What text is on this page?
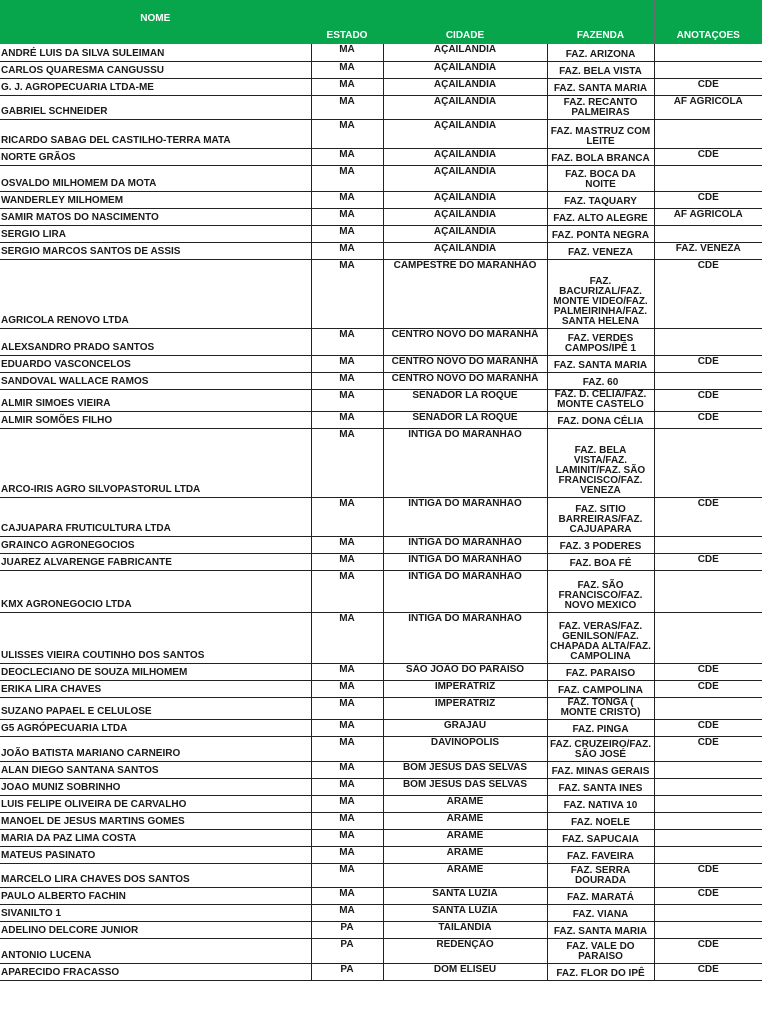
NOME	ESTADO	CIDADE	FAZENDA	ANOTAÇOES
ANDRÉ LUIS DA SILVA SULEIMAN	MA	AÇAILANDIA	FAZ. ARIZONA	
CARLOS QUARESMA CANGUSSU	MA	AÇAILANDIA	FAZ. BELA VISTA	
G. J. AGROPECUARIA LTDA-ME	MA	AÇAILANDIA	FAZ. SANTA MARIA	CDE
GABRIEL SCHNEIDER	MA	AÇAILANDIA	FAZ. RECANTO PALMEIRAS	AF AGRICOLA
RICARDO SABAG DEL CASTILHO-TERRA MATA	MA	AÇAILANDIA	FAZ. MASTRUZ COM LEITE	
NORTE GRÃOS	MA	AÇAILANDIA	FAZ. BOLA BRANCA	CDE
OSVALDO MILHOMEM DA MOTA	MA	AÇAILANDIA	FAZ. BOCA DA NOITE	
WANDERLEY MILHOMEM	MA	AÇAILANDIA	FAZ. TAQUARY	CDE
SAMIR MATOS DO NASCIMENTO	MA	AÇAILÂNDIA	FAZ. ALTO ALEGRE	AF AGRICOLA
SERGIO LIRA	MA	AÇAILÂNDIA	FAZ. PONTA NEGRA	
SERGIO MARCOS SANTOS DE ASSIS	MA	AÇAILÂNDIA	FAZ. VENEZA	FAZ. VENEZA
AGRICOLA RENOVO LTDA	MA	CAMPESTRE DO MARANHÃO	FAZ. BACURIZAL/FAZ. MONTE VIDEO/FAZ. PALMEIRINHA/FAZ. SANTA HELENA	CDE
ALEXSANDRO PRADO SANTOS	MA	CENTRO NOVO DO MARANHÃ	FAZ. VERDES CAMPOS/IPÊ 1	
EDUARDO VASCONCELOS	MA	CENTRO NOVO DO MARANHÃ	FAZ. SANTA MARIA	CDE
SANDOVAL WALLACE RAMOS	MA	CENTRO NOVO DO MARANHÃ	FAZ. 60	
ALMIR SIMOES VIEIRA	MA	SENADOR LA ROQUE	FAZ. D. CÉLIA/FAZ. MONTE CASTELO	CDE
ALMIR SOMÕES FILHO	MA	SENADOR LA ROQUE	FAZ. DONA CÉLIA	CDE
ARCO-IRIS AGRO SILVOPASTORUL LTDA	MA	INTIGA DO MARANHAO	FAZ. BELA VISTA/FAZ. LAMINIT/FAZ. SÃO FRANCISCO/FAZ. VENEZA	
CAJUAPARA FRUTICULTURA LTDA	MA	INTIGA DO MARANHAO	FAZ. SITIO BARREIRAS/FAZ. CAJUAPARA	CDE
GRAINCO AGRONEGOCIOS	MA	INTIGA DO MARANHAO	FAZ. 3 PODERES	
JUAREZ ALVARENGE FABRICANTE	MA	INTIGA DO MARANHAO	FAZ. BOA FÉ	CDE
KMX AGRONEGOCIO LTDA	MA	INTIGA DO MARANHAO	FAZ. SÃO FRANCISCO/FAZ. NOVO MEXICO	
ULISSES VIEIRA COUTINHO DOS SANTOS	MA	INTIGA DO MARANHAO	FAZ. VERAS/FAZ. GENILSON/FAZ. CHAPADA ALTA/FAZ. CAMPOLINA	
DEOCLECIANO DE SOUZA MILHOMEM	MA	SÃO JOÃO DO PARAISO	FAZ. PARAISO	CDE
ERIKA LIRA CHAVES	MA	IMPERATRIZ	FAZ. CAMPOLINA	CDE
SUZANO PAPAEL E CELULOSE	MA	IMPERATRIZ	FAZ. TONGA ( MONTE CRISTO)	
G5 AGRÓPECUARIA LTDA	MA	GRAJAÚ	FAZ. PINGA	CDE
JOÃO BATISTA MARIANO CARNEIRO	MA	DAVINOPOLIS	FAZ. CRUZEIRO/FAZ. SÃO JOSÉ	CDE
ALAN DIEGO SANTANA SANTOS	MA	BOM JESUS DAS SELVAS	FAZ. MINAS GERAIS	
JOAO MUNIZ SOBRINHO	MA	BOM JESUS DAS SELVAS	FAZ. SANTA INES	
LUIS FELIPE OLIVEIRA DE CARVALHO	MA	ARAME	FAZ. NATIVA 10	
MANOEL DE JESUS MARTINS GOMES	MA	ARAME	FAZ. NOELE	
MARIA DA PAZ LIMA COSTA	MA	ARAME	FAZ. SAPUCAIA	
MATEUS PASINATO	MA	ARAME	FAZ. FAVEIRA	
MARCELO LIRA CHAVES DOS SANTOS	MA	ARAME	FAZ. SERRA DOURADA	CDE
PAULO ALBERTO FACHIN	MA	SANTA LUZIA	FAZ. MARATÁ	CDE
SIVANILTO 1	MA	SANTA LUZIA	FAZ. VIANA	
ADELINO DELCORE JUNIOR	PA	TAILÂNDIA	FAZ. SANTA MARIA	
ANTONIO LUCENA	PA	REDENÇÃO	FAZ. VALE DO PARAISO	CDE
APARECIDO FRACASSO	PA	DOM ELISEU	FAZ. FLOR DO IPÊ	CDE
